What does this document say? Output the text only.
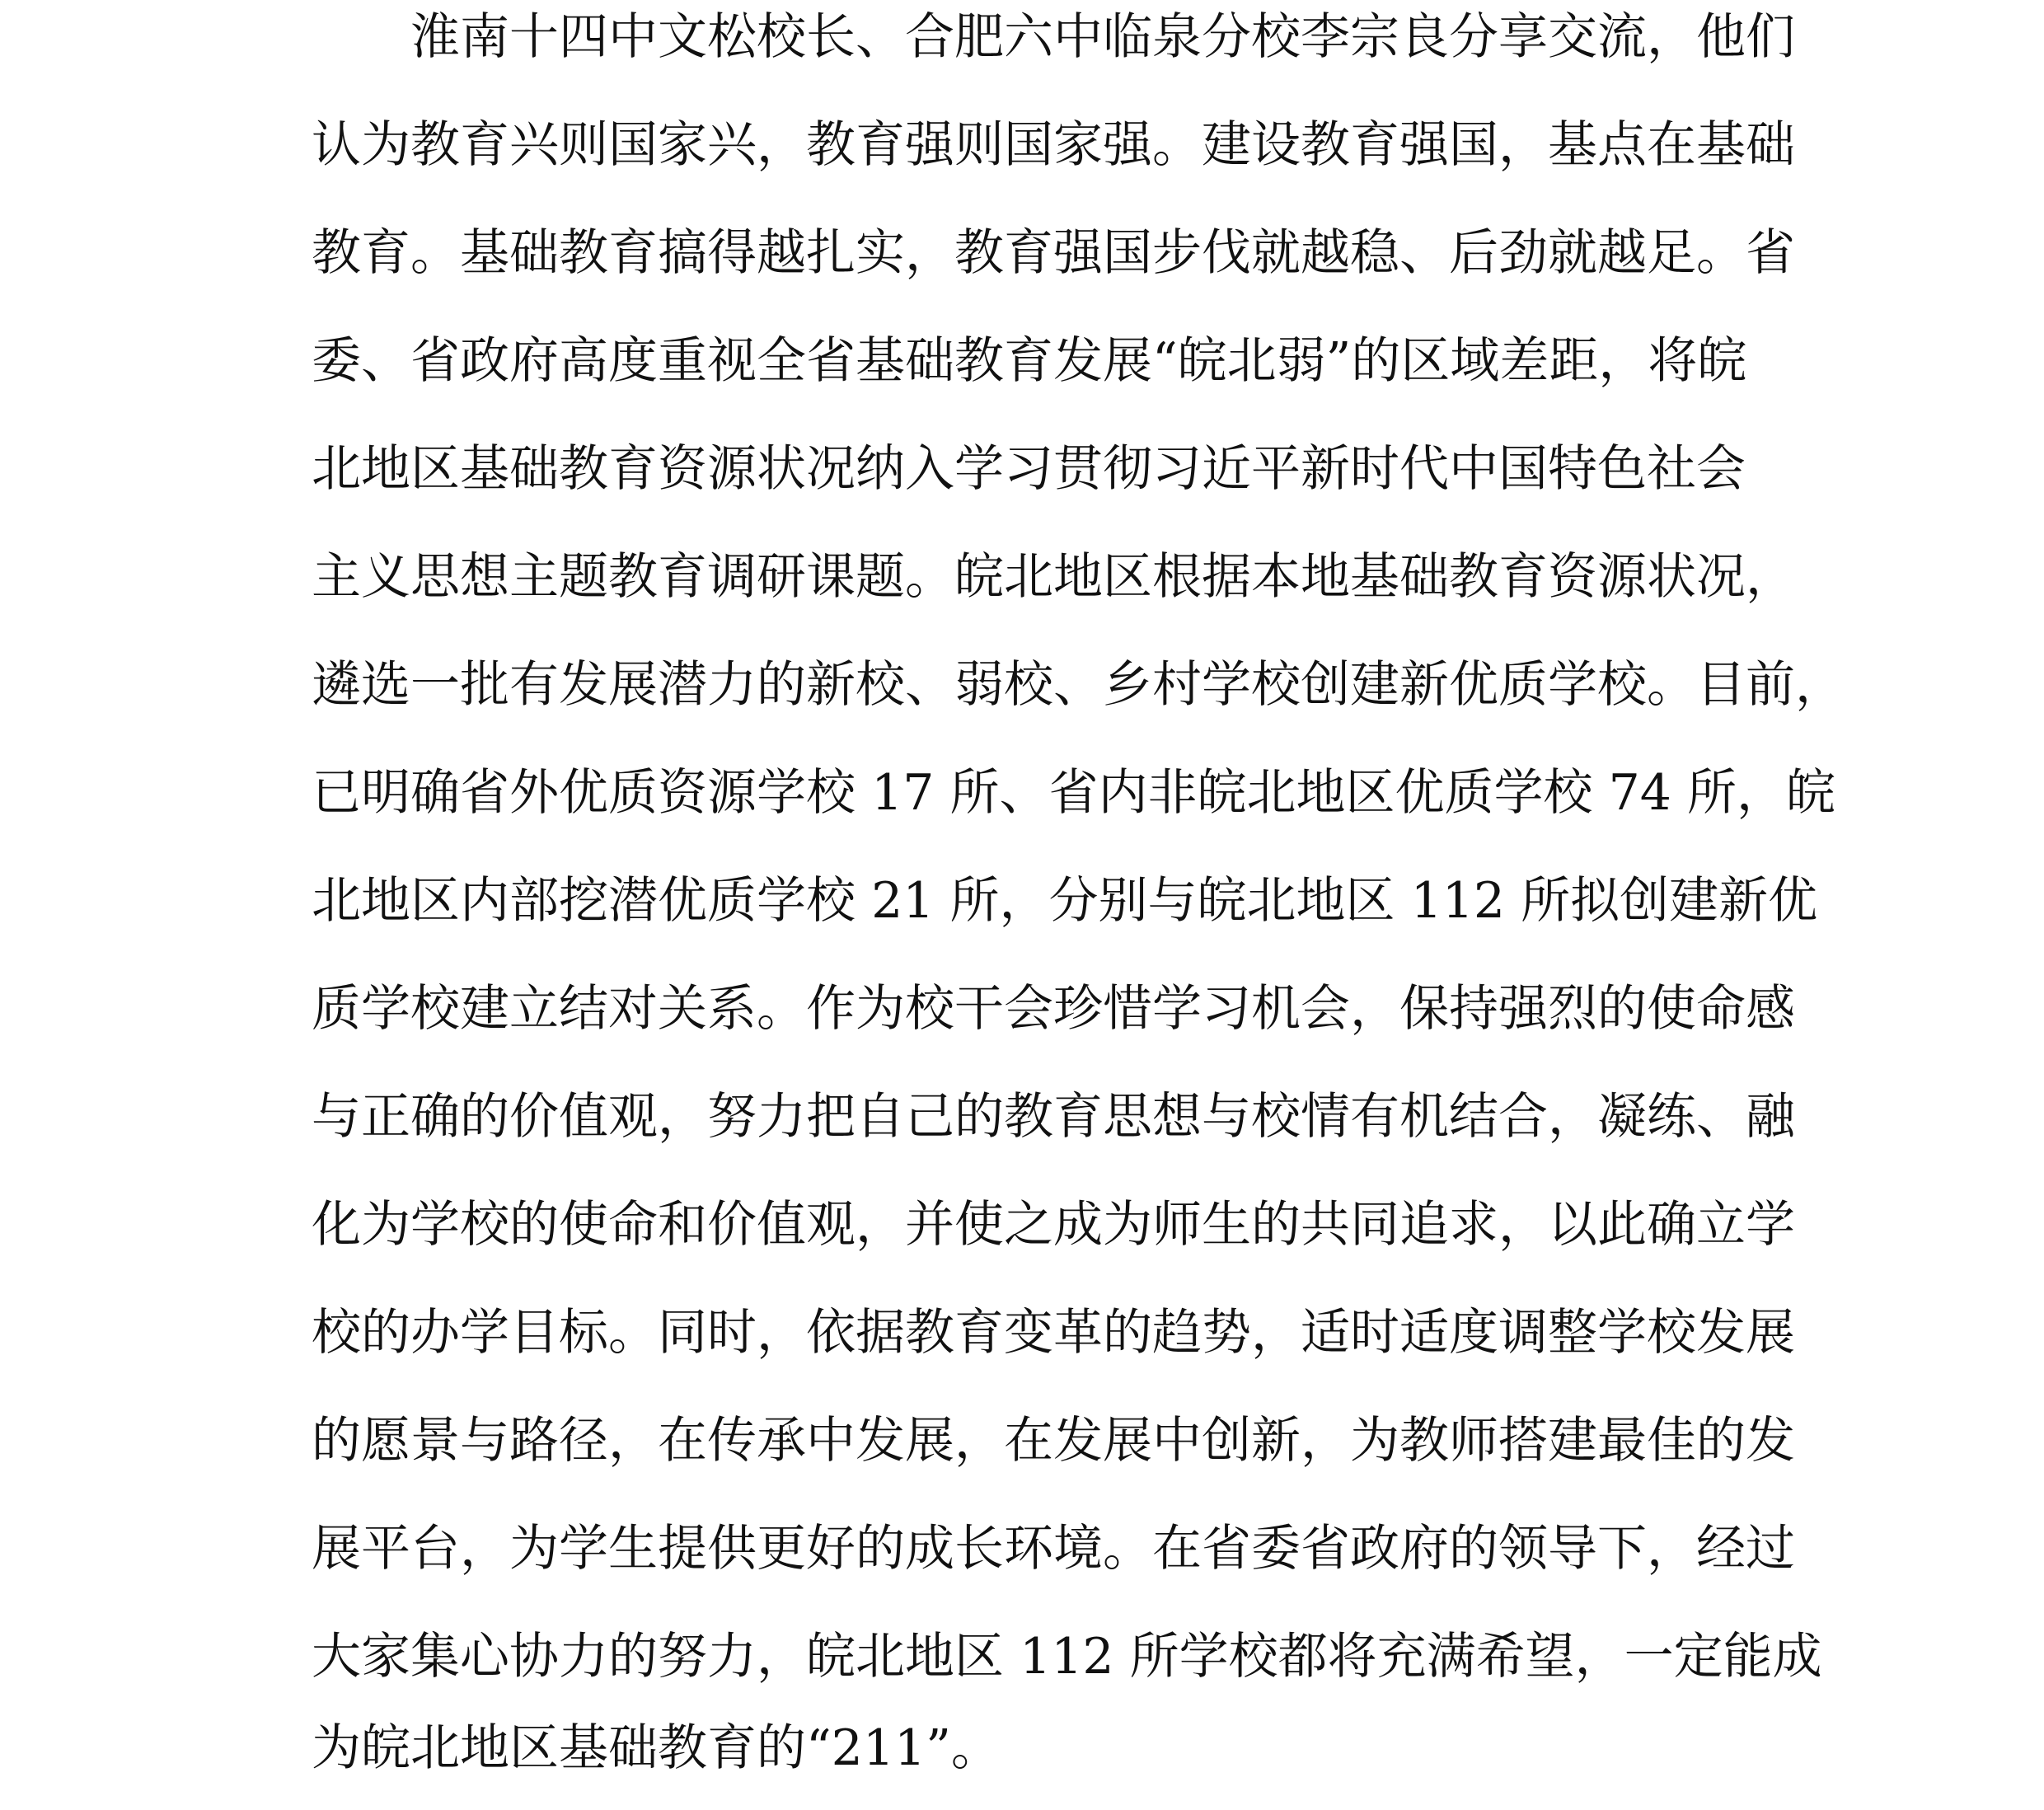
淮南十四中文松校长、合肥六中临泉分校李宗良分享交流，他们
认为教育兴则国家兴，教育强则国家强。建设教育强国，基点在基础
教育。基础教育搞得越扎实，教育强国步伐就越稳、后劲就越足。省
委、省政府高度重视全省基础教育发展“皖北弱”的区域差距，将皖
北地区基础教育资源状况纳入学习贯彻习近平新时代中国特色社会
主义思想主题教育调研课题。皖北地区根据本地基础教育资源状况，
遴选一批有发展潜力的新校、弱校、乡村学校创建新优质学校。目前，
已明确省外优质资源学校 17 所、省内非皖北地区优质学校 74 所，皖
北地区内部挖潜优质学校 21 所，分别与皖北地区 112 所拟创建新优
质学校建立结对关系。作为校干会珍惜学习机会，保持强烈的使命感
与正确的价值观，努力把自己的教育思想与校情有机结合，凝练、融
化为学校的使命和价值观，并使之成为师生的共同追求，以此确立学
校的办学目标。同时，依据教育变革的趋势，适时适度调整学校发展
的愿景与路径，在传承中发展，在发展中创新，为教师搭建最佳的发
展平台，为学生提供更好的成长环境。在省委省政府的领导下，经过
大家集心协力的努力，皖北地区 112 所学校都将充满希望，一定能成
为皖北地区基础教育的“211”。
